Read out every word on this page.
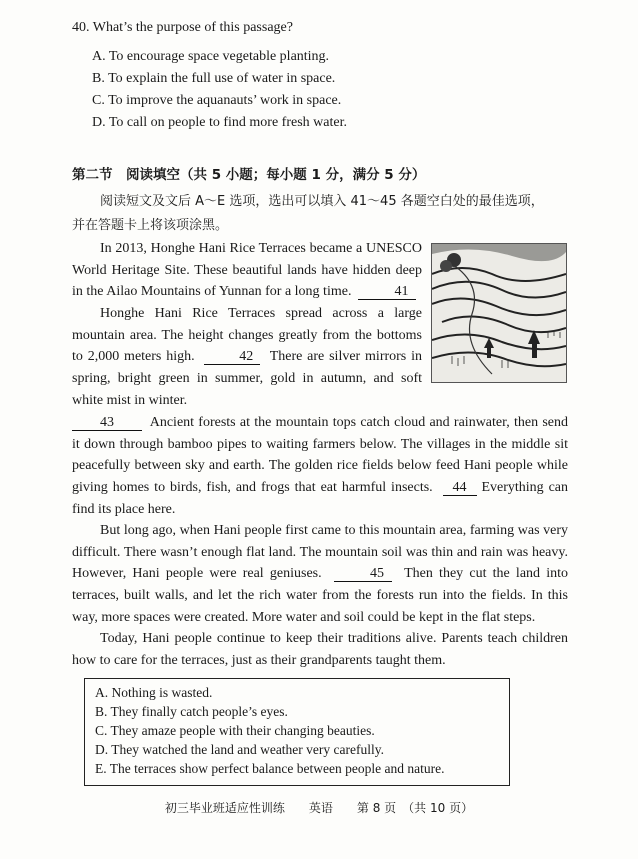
40. What’s the purpose of this passage?
A. To encourage space vegetable planting.
B. To explain the full use of water in space.
C. To improve the aquanauts’ work in space.
D. To call on people to find more fresh water.
第二节　阅读填空（共 5 小题；每小题 1 分，满分 5 分）
阅读短文及文后 A～E 选项，选出可以填入 41～45 各题空白处的最佳选项，
并在答题卡上将该项涂黑。
In 2013, Honghe Hani Rice Terraces became a UNESCO World Heritage Site. These beautiful lands have hidden deep in the Ailao Mountains of Yunnan for a long time.	41
Honghe Hani Rice Terraces spread across a large mountain area. The height changes greatly from the bottoms to 2,000 meters high.	42 There are silver mirrors in spring, bright green in summer, gold in autumn, and soft white mist in winter.
43	Ancient forests at the mountain tops catch cloud and rainwater, then send it down through bamboo pipes to waiting farmers below. The villages in the middle sit peacefully between sky and earth. The golden rice fields below feed Hani people while giving homes to birds, fish, and frogs that eat harmful insects. 44 Everything can find its place here.
But long ago, when Hani people first came to this mountain area, farming was very difficult. There wasn’t enough flat land. The mountain soil was thin and rain was heavy. However, Hani people were real geniuses.	45 Then they cut the land into terraces, built walls, and let the rich water from the forests run into the fields. In this way, more spaces were created. More water and soil could be kept in the flat steps.
Today, Hani people continue to keep their traditions alive. Parents teach children how to care for the terraces, just as their grandparents taught them.
A. Nothing is wasted.
B. They finally catch people’s eyes.
C. They amaze people with their changing beauties.
D. They watched the land and weather very carefully.
E. The terraces show perfect balance between people and nature.
初三毕业班适应性训练　　英语　　第 8 页　（共 10 页）
